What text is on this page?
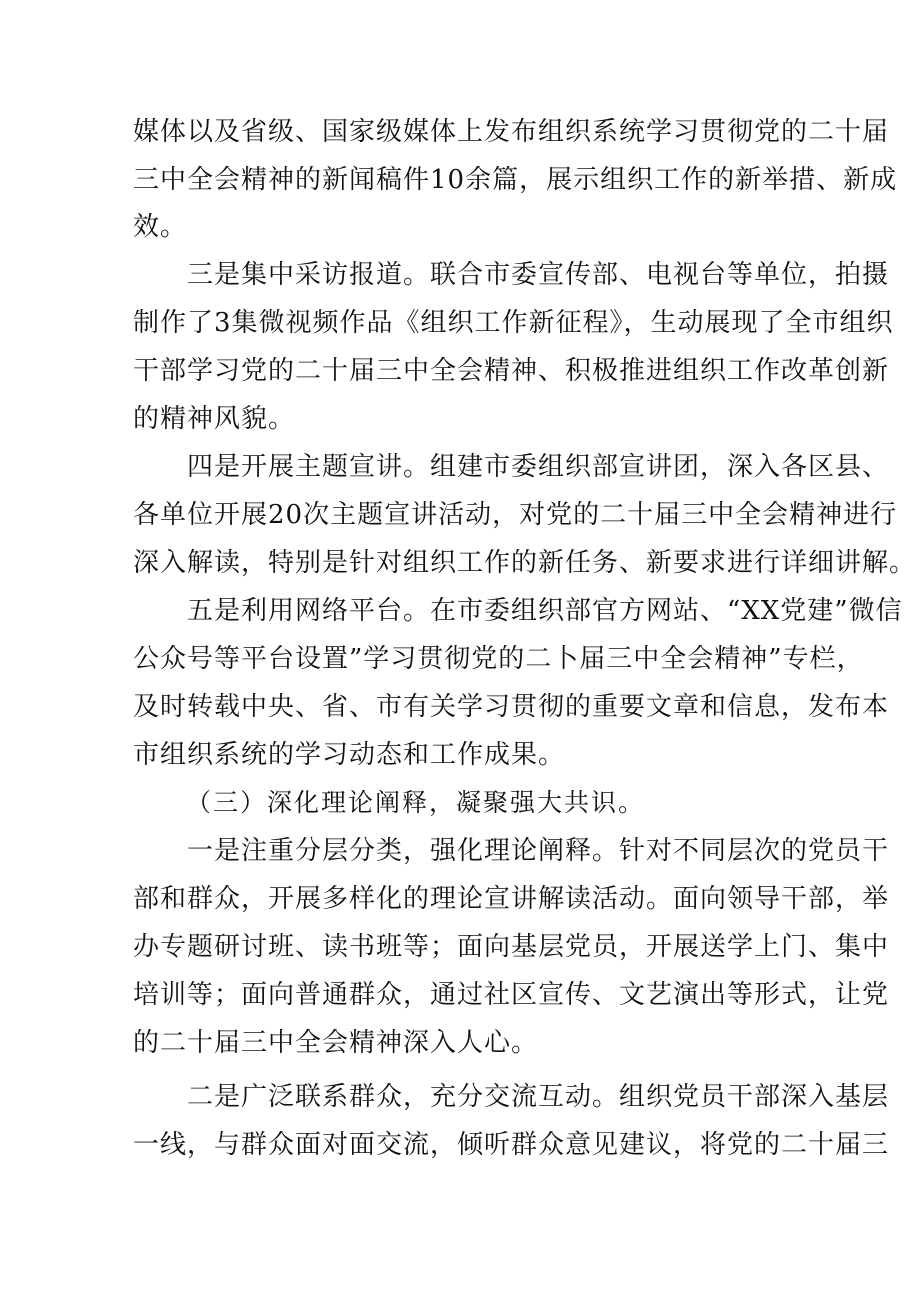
媒体以及省级、国家级媒体上发布组织系统学习贯彻党的二十届
三中全会精神的新闻稿件10余篇，展示组织工作的新举措、新成
效。
　　三是集中采访报道。联合市委宣传部、电视台等单位，拍摄
制作了3集微视频作品《组织工作新征程》，生动展现了全市组织
干部学习党的二十届三中全会精神、积极推进组织工作改革创新
的精神风貌。
　　四是开展主题宣讲。组建市委组织部宣讲团，深入各区县、
各单位开展20次主题宣讲活动，对党的二十届三中全会精神进行
深入解读，特别是针对组织工作的新任务、新要求进行详细讲解。
　　五是利用网络平台。在市委组织部官方网站、“XX党建”微信
公众号等平台设置”学习贯彻党的二卜届三中全会精神”专栏，
及时转载中央、省、市有关学习贯彻的重要文章和信息，发布本
市组织系统的学习动态和工作成果。
（三）深化理论阐释，凝聚强大共识。
　　一是注重分层分类，强化理论阐释。针对不同层次的党员干
部和群众，开展多样化的理论宣讲解读活动。面向领导干部，举
办专题研讨班、读书班等；面向基层党员，开展送学上门、集中
培训等；面向普通群众，通过社区宣传、文艺演出等形式，让党
的二十届三中全会精神深入人心。
　　二是广泛联系群众，充分交流互动。组织党员干部深入基层
一线，与群众面对面交流，倾听群众意见建议，将党的二十届三
